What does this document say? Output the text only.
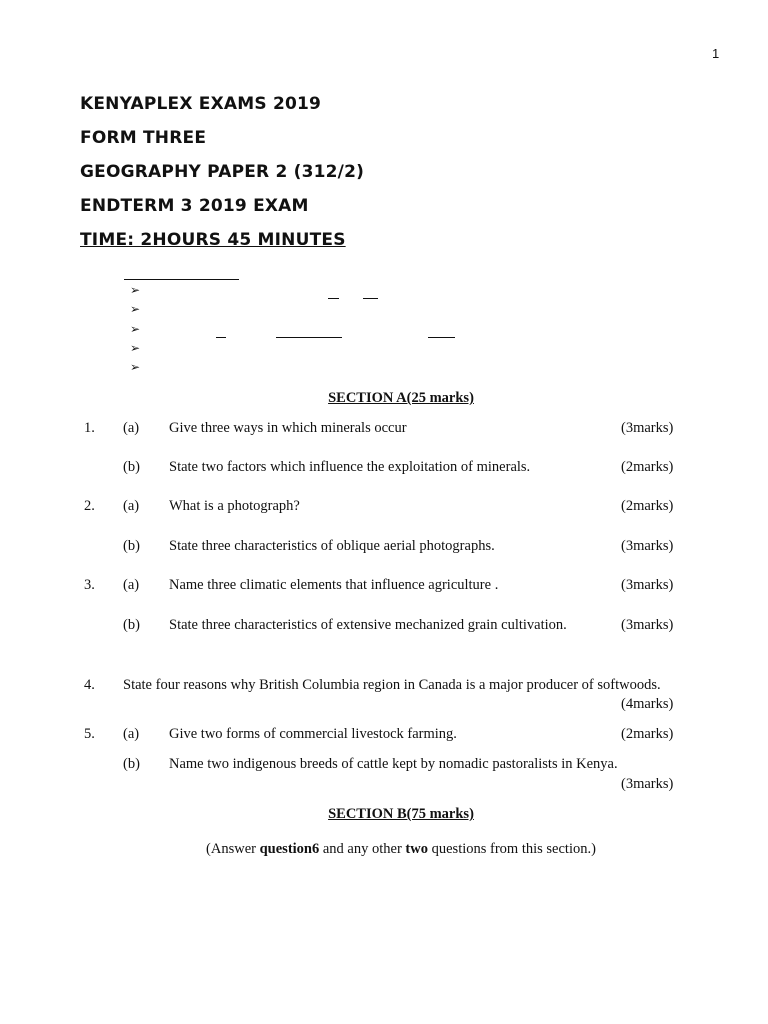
1
KENYAPLEX EXAMS 2019
FORM THREE
GEOGRAPHY PAPER 2 (312/2)
ENDTERM 3 2019 EXAM
TIME: 2HOURS 45 MINUTES
➢
➢
➢
➢
➢
SECTION A(25 marks)
1. (a) Give three ways in which minerals occur	(3marks)
(b) State two factors which influence the exploitation of minerals.	(2marks)
2. (a) What is a photograph?	(2marks)
(b) State three characteristics of oblique aerial photographs.	(3marks)
3. (a) Name three climatic elements that influence agriculture .	(3marks)
(b) State three characteristics of extensive mechanized grain cultivation.	(3marks)
4. State four reasons why British Columbia region in Canada is a major producer of softwoods.
(4marks)
5. (a) Give two forms of commercial livestock farming.	(2marks)
(b) Name two indigenous breeds of cattle kept by nomadic pastoralists in Kenya.
(3marks)
SECTION B(75 marks)
(Answer question6 and any other two questions from this section.)
